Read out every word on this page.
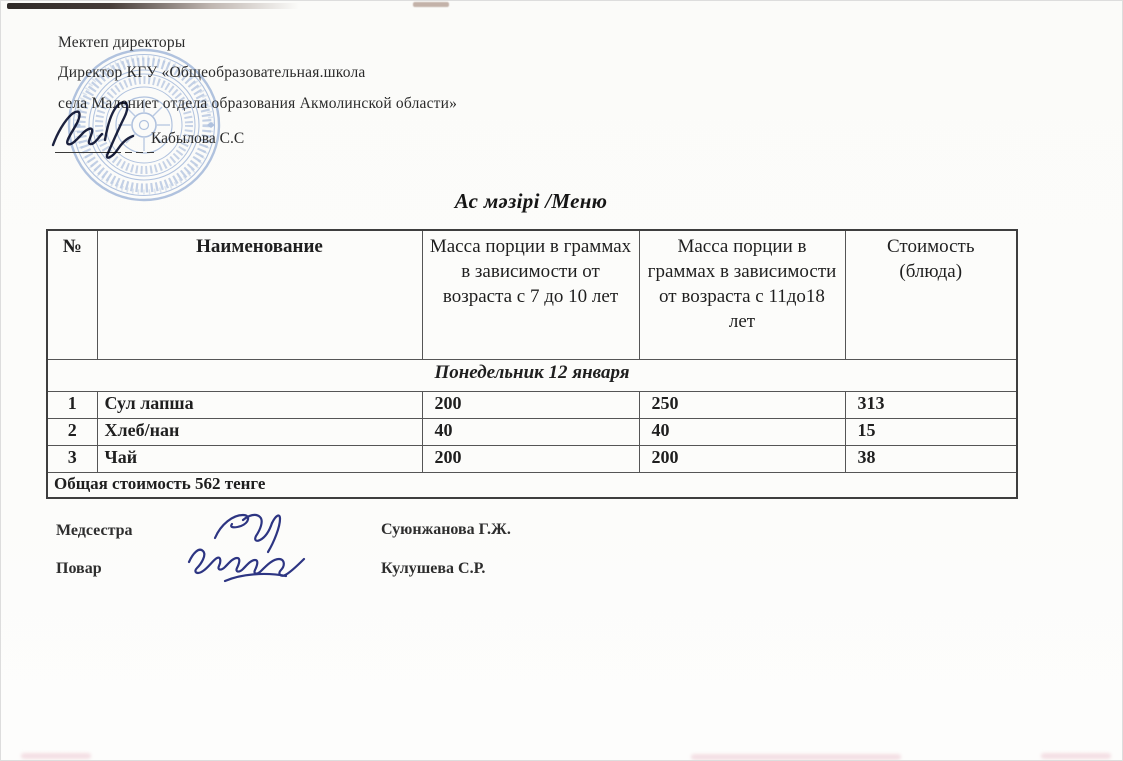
Мектеп директоры
Директор КГУ «Общеобразовательная.школа
села Малениет отдела образования Акмолинской области»
Кабылова С.С
Ас мәзірі /Меню
№	Наименование	Масса порции в граммах в зависимости от возраста с 7 до 10 лет	Масса порции в граммах в зависимости от возраста с 11до18 лет	Стоимость (блюда)
Понедельник 12 января				
1	Сул лапша	200	250	313
2	Хлеб/нан	40	40	15
3	Чай	200	200	38
Общая стоимость 562 тенге				
Медсестра	Суюнжанова Г.Ж.
Повар	Кулушева С.Р.
